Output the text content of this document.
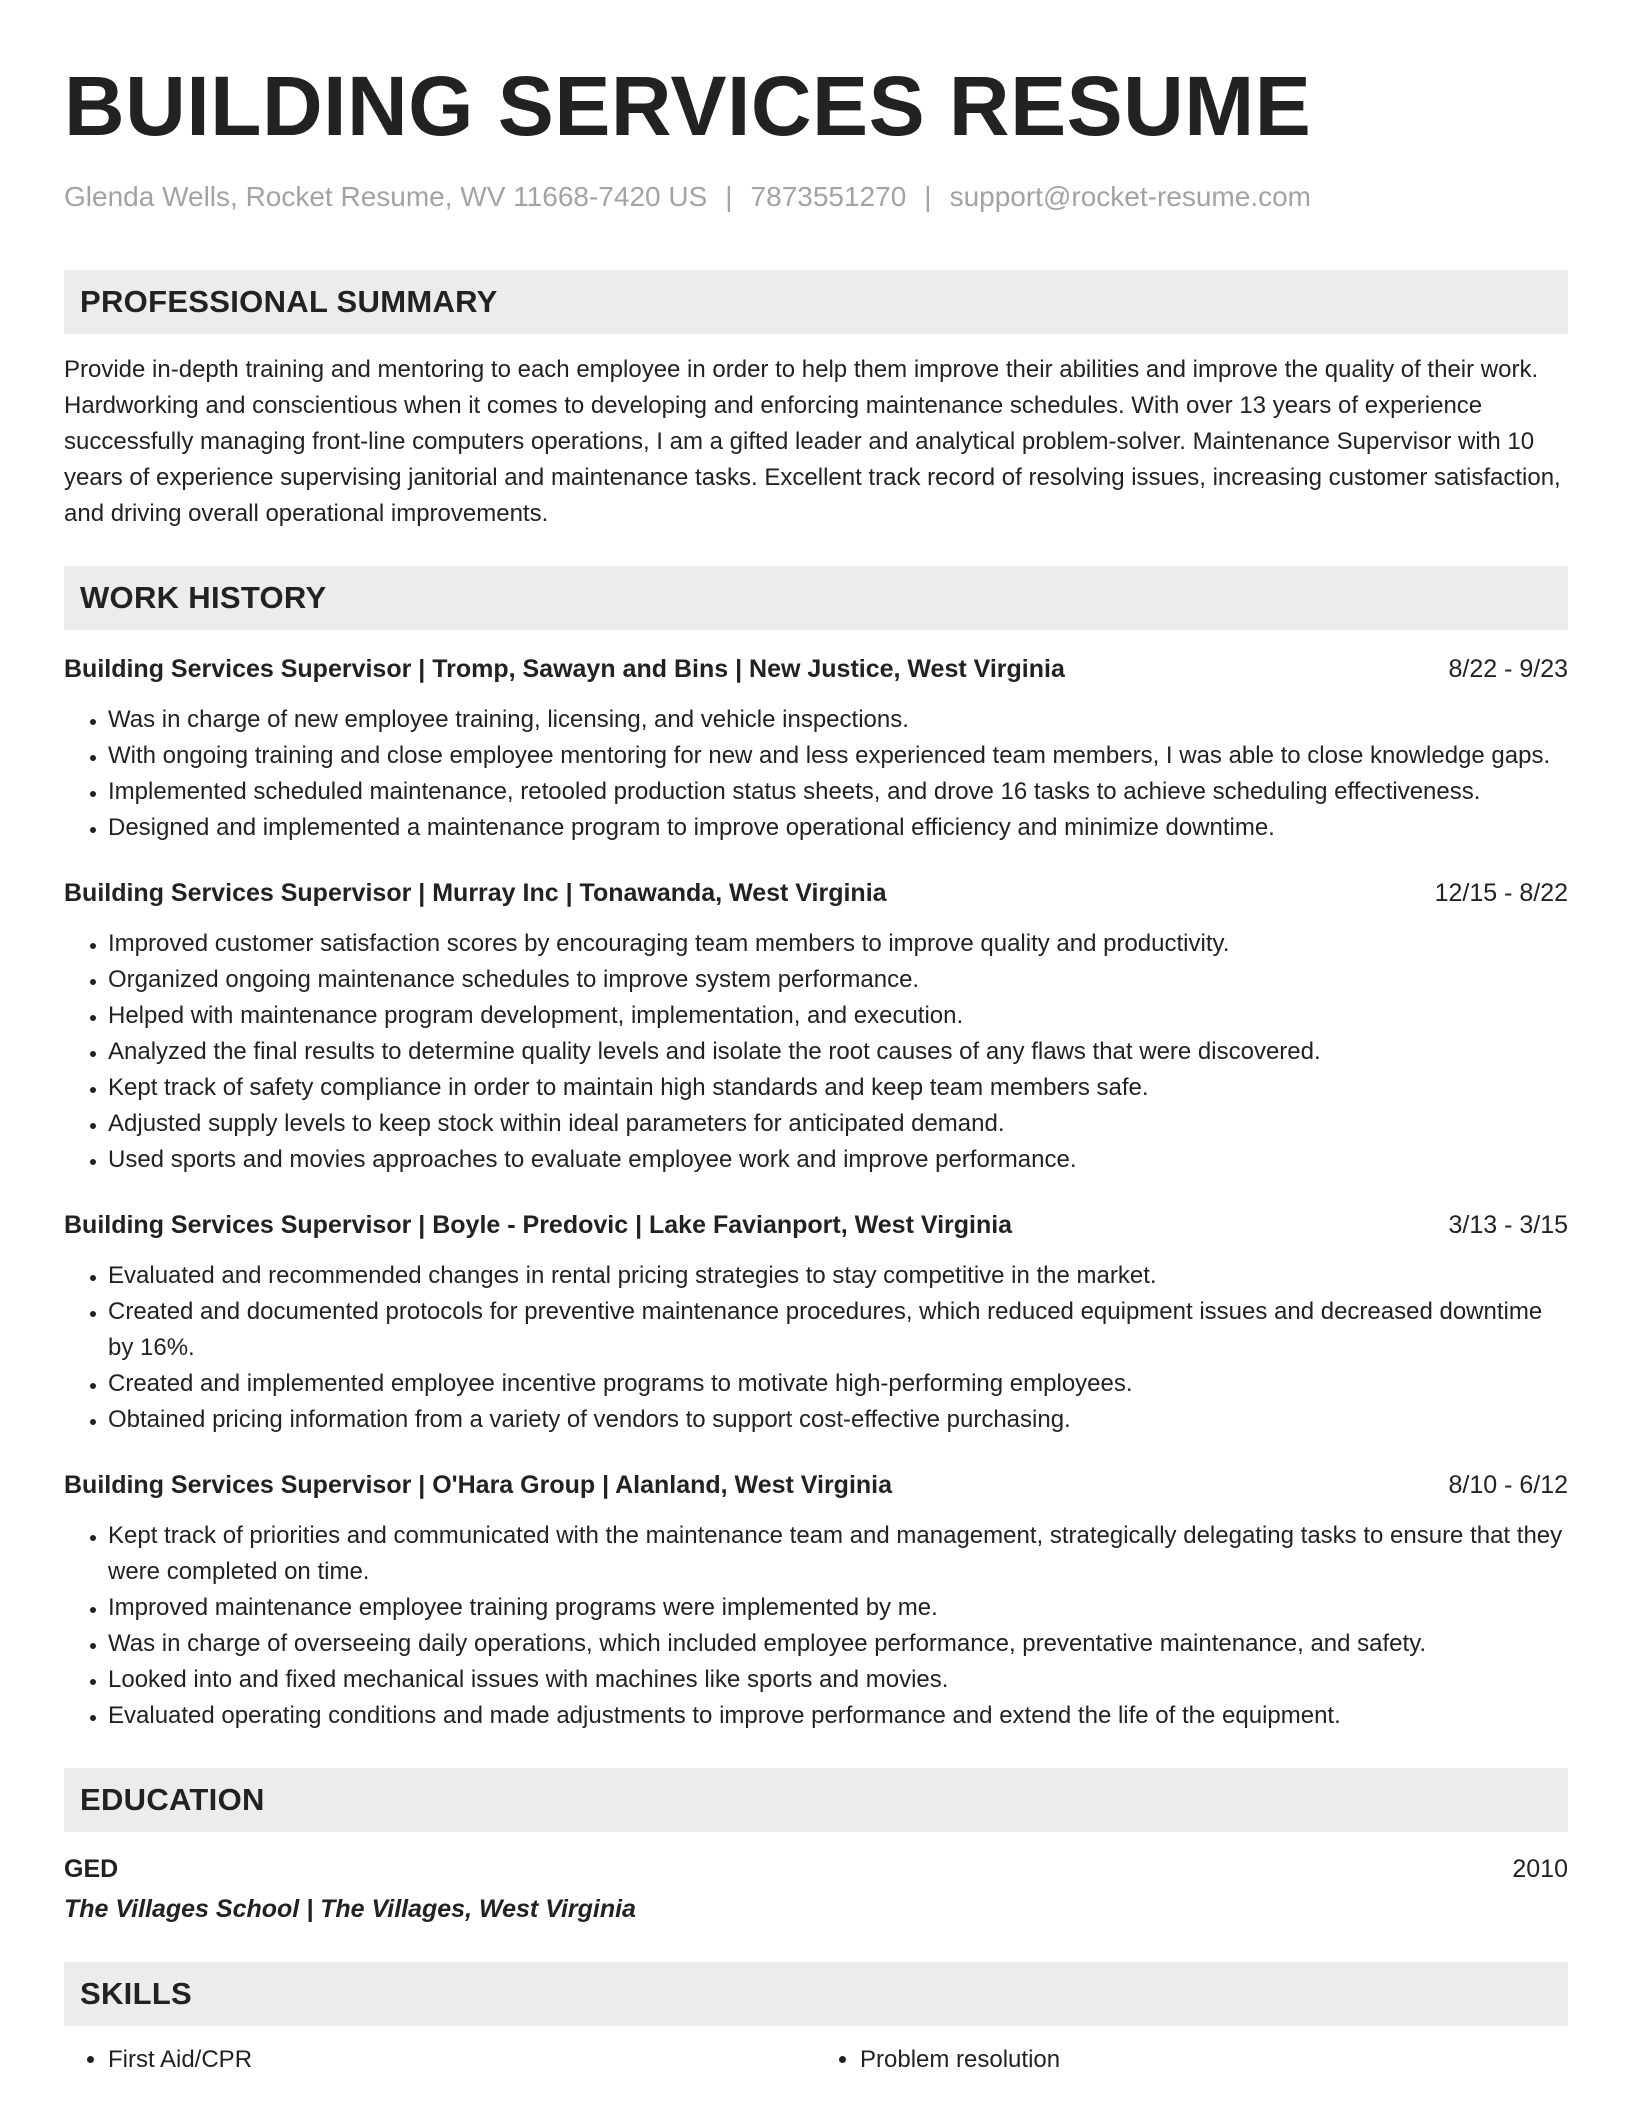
BUILDING SERVICES RESUME
Glenda Wells, Rocket Resume, WV 11668-7420 US | 7873551270 | support@rocket-resume.com
PROFESSIONAL SUMMARY

Provide in-depth training and mentoring to each employee in order to help them improve their abilities and improve the quality of their work. Hardworking and conscientious when it comes to developing and enforcing maintenance schedules. With over 13 years of experience successfully managing front-line computers operations, I am a gifted leader and analytical problem-solver. Maintenance Supervisor with 10 years of experience supervising janitorial and maintenance tasks. Excellent track record of resolving issues, increasing customer satisfaction, and driving overall operational improvements.

WORK HISTORY
Building Services Supervisor | Tromp, Sawayn and Bins | New Justice, West Virginia	8/22 - 9/23
• Was in charge of new employee training, licensing, and vehicle inspections.
• With ongoing training and close employee mentoring for new and less experienced team members, I was able to close knowledge gaps.
• Implemented scheduled maintenance, retooled production status sheets, and drove 16 tasks to achieve scheduling effectiveness.
• Designed and implemented a maintenance program to improve operational efficiency and minimize downtime.
Building Services Supervisor | Murray Inc | Tonawanda, West Virginia	12/15 - 8/22
• Improved customer satisfaction scores by encouraging team members to improve quality and productivity.
• Organized ongoing maintenance schedules to improve system performance.
• Helped with maintenance program development, implementation, and execution.
• Analyzed the final results to determine quality levels and isolate the root causes of any flaws that were discovered.
• Kept track of safety compliance in order to maintain high standards and keep team members safe.
• Adjusted supply levels to keep stock within ideal parameters for anticipated demand.
• Used sports and movies approaches to evaluate employee work and improve performance.
Building Services Supervisor | Boyle - Predovic | Lake Favianport, West Virginia	3/13 - 3/15
• Evaluated and recommended changes in rental pricing strategies to stay competitive in the market.
• Created and documented protocols for preventive maintenance procedures, which reduced equipment issues and decreased downtime by 16%.
• Created and implemented employee incentive programs to motivate high-performing employees.
• Obtained pricing information from a variety of vendors to support cost-effective purchasing.
Building Services Supervisor | O'Hara Group | Alanland, West Virginia	8/10 - 6/12
• Kept track of priorities and communicated with the maintenance team and management, strategically delegating tasks to ensure that they were completed on time.
• Improved maintenance employee training programs were implemented by me.
• Was in charge of overseeing daily operations, which included employee performance, preventative maintenance, and safety.
• Looked into and fixed mechanical issues with machines like sports and movies.
• Evaluated operating conditions and made adjustments to improve performance and extend the life of the equipment.
EDUCATION
GED	2010
The Villages School | The Villages, West Virginia
SKILLS
• First Aid/CPR
•	Problem resolution
